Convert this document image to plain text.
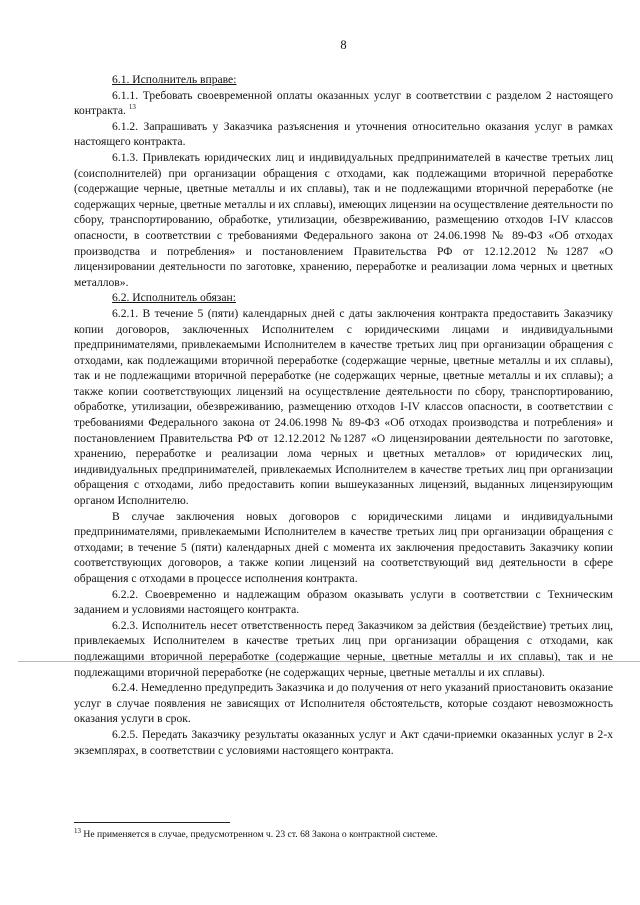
8

6.1. Исполнитель вправе:

6.1.1. Требовать своевременной оплаты оказанных услуг в соответствии с разделом 2 настоящего контракта. $^{13}$

6.1.2. Запрашивать у Заказчика разъяснения и уточнения относительно оказания услуг в рамках настоящего контракта.

6.1.3. Привлекать юридических лиц и индивидуальных предпринимателей в качестве третьих лиц (соисполнителей) при организации обращения с отходами, как подлежащими вторичной переработке (содержащие черные, цветные металлы и их сплавы), так и не подлежащими вторичной переработке (не содержащих черные, цветные металлы и их сплавы), имеющих лицензии на осуществление деятельности по сбору, транспортированию, обработке, утилизации, обезвреживанию, размещению отходов I-IV классов опасности, в соответствии с требованиями Федерального закона от 24.06.1998 № 89-ФЗ «Об отходах производства и потребления» и постановлением Правительства РФ от 12.12.2012 №1287 «О лицензировании деятельности по заготовке, хранению, переработке и реализации лома черных и цветных металлов».

6.2. Исполнитель обязан:

6.2.1. В течение 5 (пяти) календарных дней с даты заключения контракта предоставить Заказчику копии договоров, заключенных Исполнителем с юридическими лицами и индивидуальными предпринимателями, привлекаемыми Исполнителем в качестве третьих лиц при организации обращения с отходами, как подлежащими вторичной переработке (содержащие черные, цветные металлы и их сплавы), так и не подлежащими вторичной переработке (не содержащих черные, цветные металлы и их сплавы); а также копии соответствующих лицензий на осуществление деятельности по сбору, транспортированию, обработке, утилизации, обезвреживанию, размещению отходов I-IV классов опасности, в соответствии с требованиями Федерального закона от 24.06.1998 № 89-ФЗ «Об отходах производства и потребления» и постановлением Правительства РФ от 12.12.2012 №1287 «О лицензировании деятельности по заготовке, хранению, переработке и реализации лома черных и цветных металлов» от юридических лиц, индивидуальных предпринимателей, привлекаемых Исполнителем в качестве третьих лиц при организации обращения с отходами, либо предоставить копии вышеуказанных лицензий, выданных лицензирующим органом Исполнителю.

В случае заключения новых договоров с юридическими лицами и индивидуальными предпринимателями, привлекаемыми Исполнителем в качестве третьих лиц при организации обращения с отходами; в течение 5 (пяти) календарных дней с момента их заключения предоставить Заказчику копии соответствующих договоров, а также копии лицензий на соответствующий вид деятельности в сфере обращения с отходами в процессе исполнения контракта.

6.2.2. Своевременно и надлежащим образом оказывать услуги в соответствии с Техническим заданием и условиями настоящего контракта.

6.2.3. Исполнитель несет ответственность перед Заказчиком за действия (бездействие) третьих лиц, привлекаемых Исполнителем в качестве третьих лиц при организации обращения с отходами, как подлежащими вторичной переработке (содержащие черные, цветные металлы и их сплавы), так и не подлежащими вторичной переработке (не содержащих черные, цветные металлы и их сплавы).

6.2.4. Немедленно предупредить Заказчика и до получения от него указаний приостановить оказание услуг в случае появления не зависящих от Исполнителя обстоятельств, которые создают невозможность оказания услуги в срок.

6.2.5. Передать Заказчику результаты оказанных услуг и Акт сдачи-приемки оказанных услуг в 2-х экземплярах, в соответствии с условиями настоящего контракта.

$^{13}$ Не применяется в случае, предусмотренном ч. 23 ст. 68 Закона о контрактной системе.
